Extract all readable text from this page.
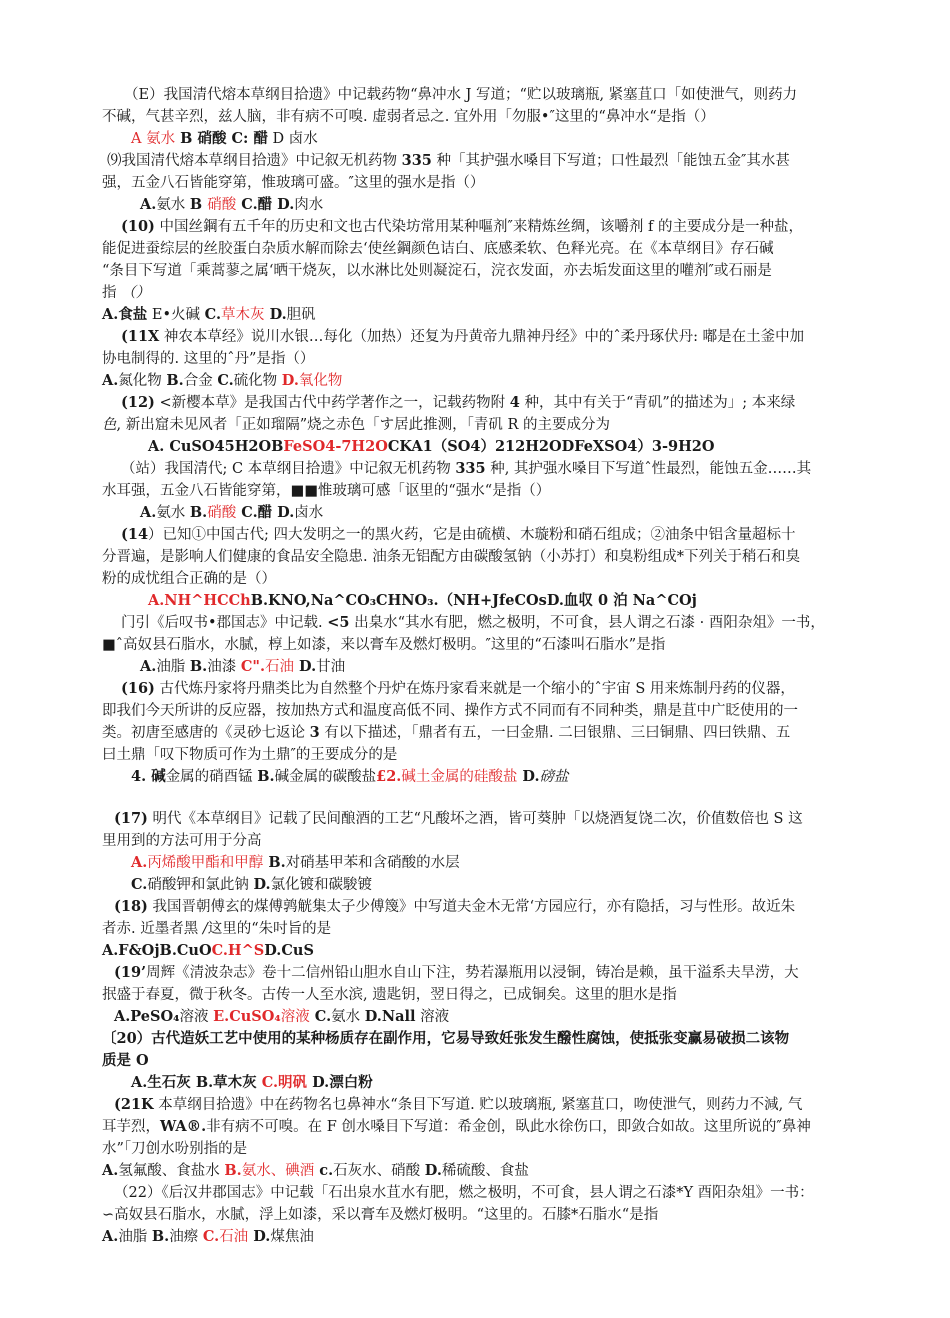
（E）我国清代熔本草纲目拾遗》中记载药物“鼻冲水 J 写道；“贮以玻璃瓶, 紧塞苴口「如使泄气，则药力
不碱，气甚辛烈，兹人脑，非有病不可嗅. 虚弱者忌之. 宜外用「勿服•″这里的“鼻冲水“是指（）
A 氨水 B 硝酸 C: 醋 D 卤水
⑼我国清代熔本草纲目拾遗》中记叙无机药物 335 种「其护强水嗓目下写道；口性最烈「能蚀五金″其水甚
强，五金八石皆能穿第，惟玻璃可盛。″这里的强水是指（）
A.氨水 B 硝酸 C.醋 D.肉水
(10) 中国丝鋼有五千年的历史和文也古代染坊常用某种嘔剂″来精炼丝绸，该嚼剂 f 的主要成分是一种盐，
能促进蚕综层的丝胶蛋白杂质水解而除去‘使丝鋼颜色诘白、底感柔软、色释光亮。在《本草纲目》存石碱
“条目下写道「乘蒿蓼之属‘晒干烧灰，以水淋比处则凝淀石，浣衣发面，亦去垢发面这里的嚾剂″或石丽是
指 （）
A.食盐 E•火碱 C.草木灰 D.胆矾
(11X 神农本草经》说川水银…每化（加热）还复为丹黄帝九鼎神丹经》中的ˆ柔丹琢伏丹: 嘟是在土釜中加
协电制得的. 这里的ˆ丹”是指（）
A.氮化物 B.合金 C.硫化物 D.氧化物
(12) <新樱本草》是我国古代中药学著作之一，记载药物附 4 种，其中有关于“青矶”的描述为」; 本来绿
色, 新出窟未见风者「正如瑠隔”烧之赤色「す居此推测，「青矶 R 的主要成分为
A. CuSO45H2OBFeSO4-7H2OCKA1（SO4）212H2ODFeXSO4）3-9H2O
（站）我国清代; C 本草纲目拾遗》中记叙无机药物 335 种, 其护强水嗓目下写道ˆ性最烈，能蚀五金……其
水耳强，五金八石皆能穿第，■■惟玻璃可感「讴里的“强水“是指（）
A.氨水 B.硝酸 C.醋 D.卤水
(14）已知①中国古代; 四大发明之一的黑火药，它是由硫横、木璇粉和硝石组成；②油条中铝含量超标十
分晋遍，是影响人们健康的食品安全隐患. 油条无铝配方由碳酸氢钠（小苏打）和臭粉组成*下列关于稍石和臭
粉的成忧组合正确的是（）
A.NH^HCChB.KNO,Na^CO₃CHNO₃.（NH+JfeCOsD.血収 0 泊 Na^COj
门引《后叹书•郡国志》中记载. <5 出臬水“其水有肥，燃之极明，不可食，县人谓之石漆 · 酉阳杂俎》一书，
■ˆ高奴县石脂水，水腻，椁上如漆，来以膏车及燃灯极明。″这里的“石漆叫石脂水”是指
A.油脂 B.油漆 C".石油 D.甘油
(16) 古代炼丹家将丹鼎类比为自然整个丹炉在炼丹家看来就是一个缩小的ˆ宇宙 S 用来炼制丹药的仪器，
即我们今天所讲的反应器，按加热方式和温度高低不同、操作方式不同而有不同种类，鼎是苴中广眨使用的一
类。初唐至感唐的《灵砂七返论 3 有以下描述，「鼎者有五，一曰金鼎. 二曰银鼎、三曰铜鼎、四曰铁鼎、五
曰土鼎「叹下物质可作为土鼎″的王要成分的是
4. 碱金属的硝酉锰 B.碱金属的碳酸盐£2.碱土金属的硅酸盐 D.磅盐
(17) 明代《本草纲目》记载了民间酿酒的工艺“凡酸坏之酒，皆可葵肿「以烧酒复饶二次，价值数倍也 S 这
里用到的方法可用于分高
A.丙烯酸甲酯和甲醇 B.对硝基甲苯和含硝酸的水层
C.硝酸钾和氯此钠 D.氯化镀和碳駿镀
(18) 我国晋朝傅玄的煤傅鹑觥集太子少傅篾》中写道夫金木无常‘方园应行，亦有隐括，习与性形。故近朱
者赤. 近墨者黑 /这里的“朱吋旨的是
A.F&OjB.CuOC.H^SD.CuS
(19’周辉《清波杂志》卷十二信州铅山胆水自山下注，势若瀑瓶用以浸铜，铸冶是赖，虽干溢系夫旱涝，大
抿盛于春夏，微于秋冬。古传一人至水滨, 遗匙钥，翌日得之，已成铜矣。这里的胆水是指
A.PeSO₄溶液 E.CuSO₄溶液 C.氨水 D.Nall 溶液
〔20）古代造妖工艺中使用的某种杨质存在副作用，它易导致妊张发生醱性腐蚀，使抵张变赢易破损二该物
质是 O
A.生石灰 B.草木灰 C.明矾 D.漂白粉
(21K 本草纲目拾遗》中在药物名乜鼻神水“条目下写道. 贮以玻璃瓶, 紧塞苴口，吻使泄气，则药力不減, 气
耳芋烈，WA®.非有病不可嗅。在 F 创水嗓目下写道：希金创，臥此水徐伤口，即敛合如故。这里所说的″鼻神
水”「刀创水吩别指的是
A.氢氟酸、食盐水 B.氨水、碘酒 c.石灰水、硝酸 D.稀硫酸、食盐
（22）《后汉井郡国志》中记载「石出泉水苴水有肥，燃之极明，不可食，县人谓之石漆*Y 酉阳杂俎》一书：
∽高奴县石脂水，水腻，浮上如漆，采以膏车及燃灯极明。“这里的。石膝*石脂水“是指
A.油脂 B.油瘵 C.石油 D.煤焦油
